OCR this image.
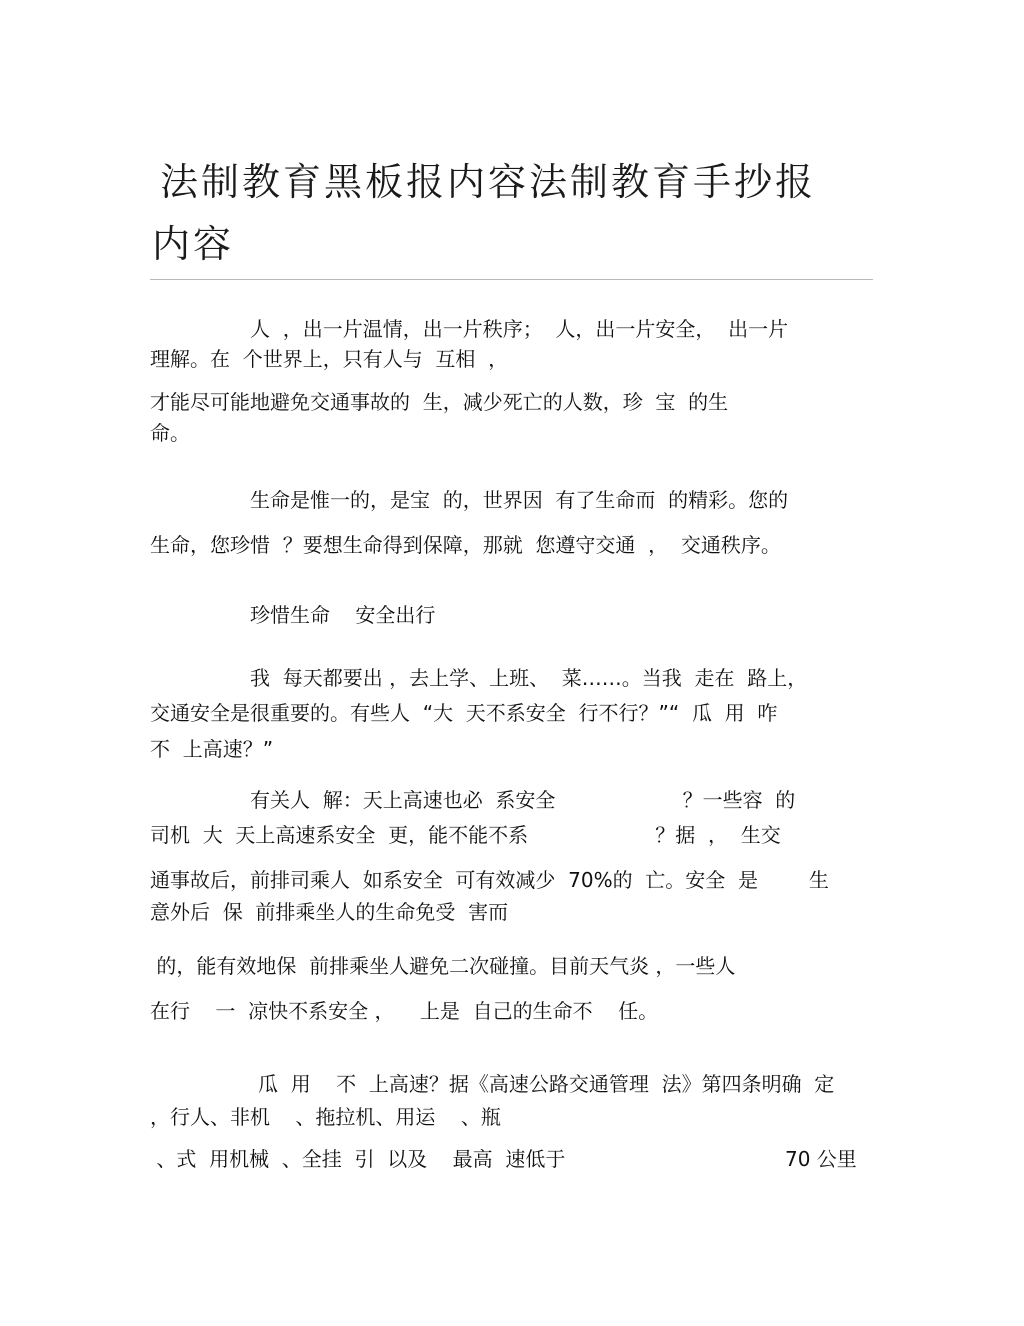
法制教育黑板报内容法制教育手抄报
内容
人  ，出一片温情，出一片秩序；  人，出一片安全，  出一片
理解。在  个世界上，只有人与  互相  ，
才能尽可能地避免交通事故的  生，减少死亡的人数，珍  宝  的生
命。
生命是惟一的，是宝  的，世界因  有了生命而  的精彩。您的
生命，您珍惜  ？要想生命得到保障，那就  您遵守交通  ，  交通秩序。
珍惜生命    安全出行
我  每天都要出 ，去上学、上班、  菜……。当我  走在  路上，
交通安全是很重要的。有些人  “大  天不系安全  行不行？”“  瓜  用  咋
不  上高速？”
有关人  解：天上高速也必  系安全                    ？一些容  的
司机  大  天上高速系安全  更，能不能不系                    ？据  ，  生交
通事故后，前排司乘人  如系安全  可有效减少  70%的  亡。安全  是        生
意外后  保  前排乘坐人的生命免受  害而
的，能有效地保  前排乘坐人避免二次碰撞。目前天气炎 ，一些人
在行    一  凉快不系安全 ，    上是  自己的生命不    任。
瓜  用    不  上高速？据《高速公路交通管理  法》第四条明确  定
，行人、非机    、拖拉机、用运    、瓶
、式  用机械  、全挂  引  以及    最高  速低于	70 公里
